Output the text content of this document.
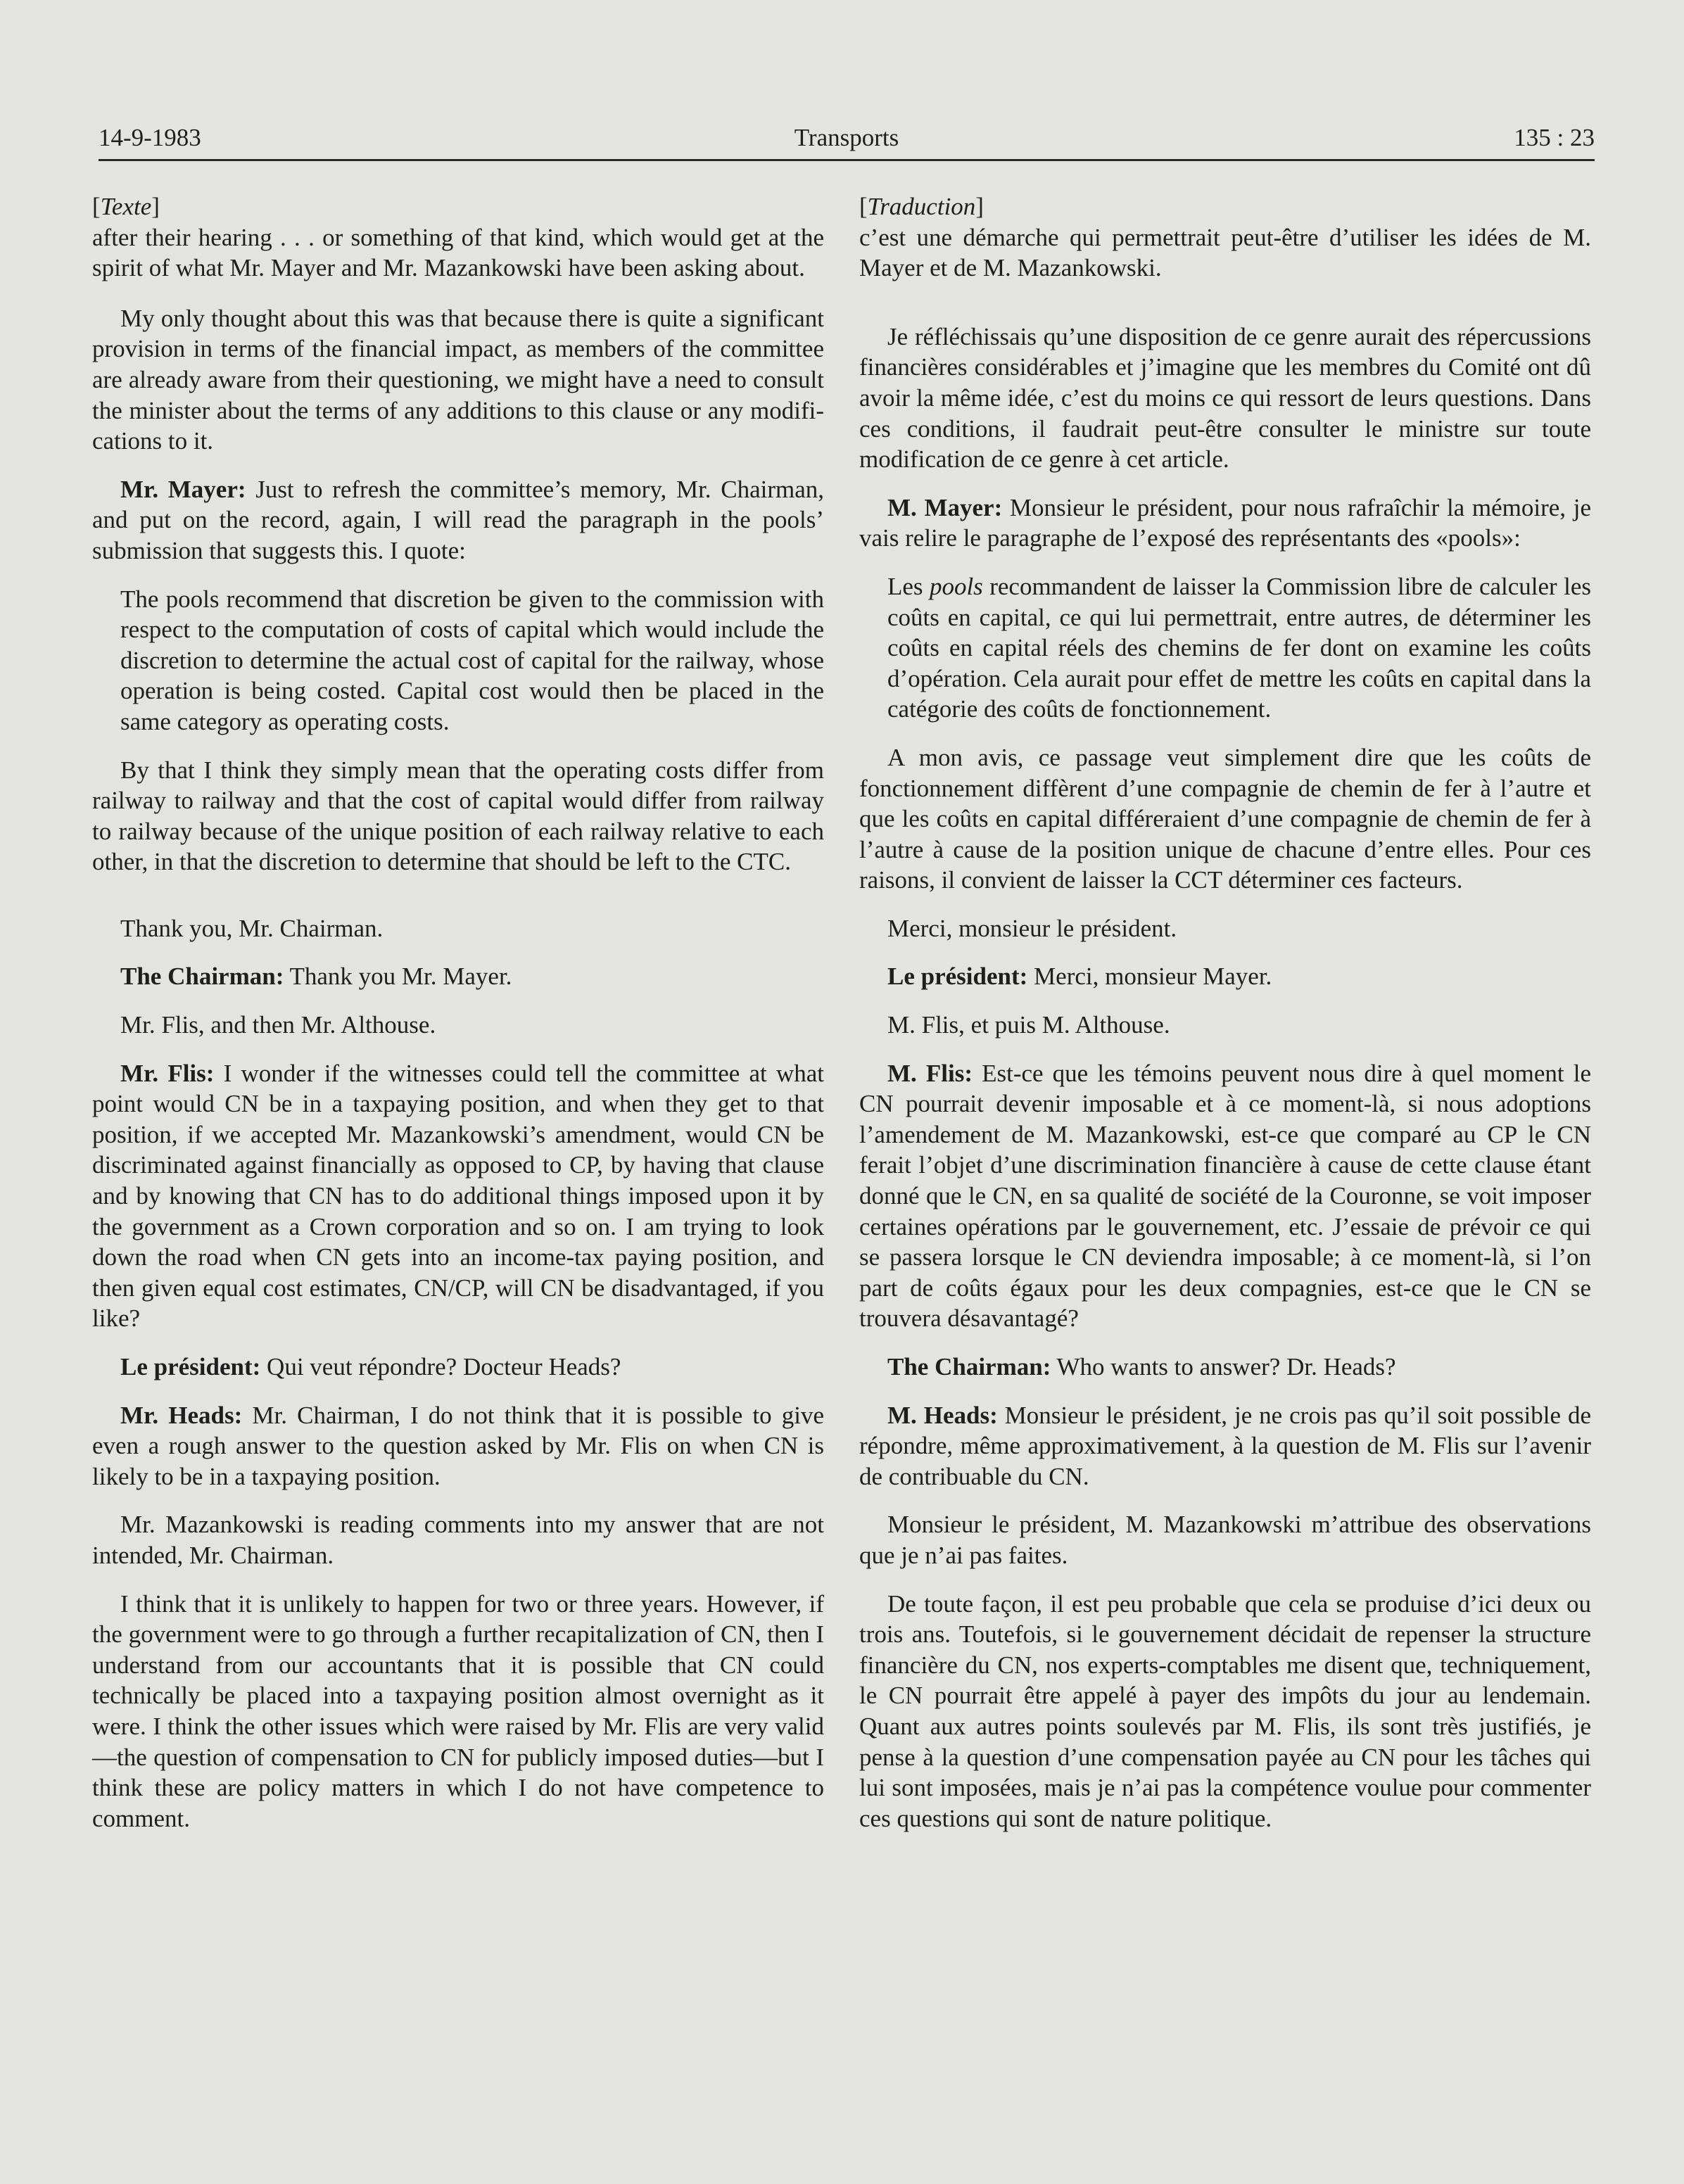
14-9-1983	Transports	135 : 23

[Texte]

after their hearing . . . or something of that kind, which would get at the spirit of what Mr. Mayer and Mr. Mazankowski have been asking about.

My only thought about this was that because there is quite a significant provision in terms of the financial impact, as members of the committee are already aware from their questioning, we might have a need to consult the minister about the terms of any additions to this clause or any modifications to it.

Mr. Mayer: Just to refresh the committee’s memory, Mr. Chairman, and put on the record, again, I will read the paragraph in the pools’ submission that suggests this. I quote:

The pools recommend that discretion be given to the commission with respect to the computation of costs of capital which would include the discretion to determine the actual cost of capital for the railway, whose operation is being costed. Capital cost would then be placed in the same category as operating costs.

By that I think they simply mean that the operating costs differ from railway to railway and that the cost of capital would differ from railway to railway because of the unique position of each railway relative to each other, in that the discretion to determine that should be left to the CTC.

Thank you, Mr. Chairman.

The Chairman: Thank you Mr. Mayer.

Mr. Flis, and then Mr. Althouse.

Mr. Flis: I wonder if the witnesses could tell the committee at what point would CN be in a taxpaying position, and when they get to that position, if we accepted Mr. Mazankowski’s amendment, would CN be discriminated against financially as opposed to CP, by having that clause and by knowing that CN has to do additional things imposed upon it by the government as a Crown corporation and so on. I am trying to look down the road when CN gets into an income-tax paying position, and then given equal cost estimates, CN/CP, will CN be disadvantaged, if you like?

Le président: Qui veut répondre? Docteur Heads?

Mr. Heads: Mr. Chairman, I do not think that it is possible to give even a rough answer to the question asked by Mr. Flis on when CN is likely to be in a taxpaying position.

Mr. Mazankowski is reading comments into my answer that are not intended, Mr. Chairman.

I think that it is unlikely to happen for two or three years. However, if the government were to go through a further recapitalization of CN, then I understand from our accountants that it is possible that CN could technically be placed into a taxpaying position almost overnight as it were. I think the other issues which were raised by Mr. Flis are very valid—the question of compensation to CN for publicly imposed duties—but I think these are policy matters in which I do not have competence to comment.

[Traduction]

c’est une démarche qui permettrait peut-être d’utiliser les idées de M. Mayer et de M. Mazankowski.

Je réfléchissais qu’une disposition de ce genre aurait des répercussions financières considérables et j’imagine que les membres du Comité ont dû avoir la même idée, c’est du moins ce qui ressort de leurs questions. Dans ces conditions, il faudrait peut-être consulter le ministre sur toute modification de ce genre à cet article.

M. Mayer: Monsieur le président, pour nous rafraîchir la mémoire, je vais relire le paragraphe de l’exposé des représentants des «pools»:

Les pools recommandent de laisser la Commission libre de calculer les coûts en capital, ce qui lui permettrait, entre autres, de déterminer les coûts en capital réels des chemins de fer dont on examine les coûts d’opération. Cela aurait pour effet de mettre les coûts en capital dans la catégorie des coûts de fonctionnement.

A mon avis, ce passage veut simplement dire que les coûts de fonctionnement diffèrent d’une compagnie de chemin de fer à l’autre et que les coûts en capital différeraient d’une compagnie de chemin de fer à l’autre à cause de la position unique de chacune d’entre elles. Pour ces raisons, il convient de laisser la CCT déterminer ces facteurs.

Merci, monsieur le président.

Le président: Merci, monsieur Mayer.

M. Flis, et puis M. Althouse.

M. Flis: Est-ce que les témoins peuvent nous dire à quel moment le CN pourrait devenir imposable et à ce moment-là, si nous adoptions l’amendement de M. Mazankowski, est-ce que comparé au CP le CN ferait l’objet d’une discrimination financière à cause de cette clause étant donné que le CN, en sa qualité de société de la Couronne, se voit imposer certaines opérations par le gouvernement, etc. J’essaie de prévoir ce qui se passera lorsque le CN deviendra imposable; à ce moment-là, si l’on part de coûts égaux pour les deux compagnies, est-ce que le CN se trouvera désavantagé?

The Chairman: Who wants to answer? Dr. Heads?

M. Heads: Monsieur le président, je ne crois pas qu’il soit possible de répondre, même approximativement, à la question de M. Flis sur l’avenir de contribuable du CN.

Monsieur le président, M. Mazankowski m’attribue des observations que je n’ai pas faites.

De toute façon, il est peu probable que cela se produise d’ici deux ou trois ans. Toutefois, si le gouvernement décidait de repenser la structure financière du CN, nos experts-comptables me disent que, techniquement, le CN pourrait être appelé à payer des impôts du jour au lendemain. Quant aux autres points soulevés par M. Flis, ils sont très justifiés, je pense à la question d’une compensation payée au CN pour les tâches qui lui sont imposées, mais je n’ai pas la compétence voulue pour commenter ces questions qui sont de nature politique.
